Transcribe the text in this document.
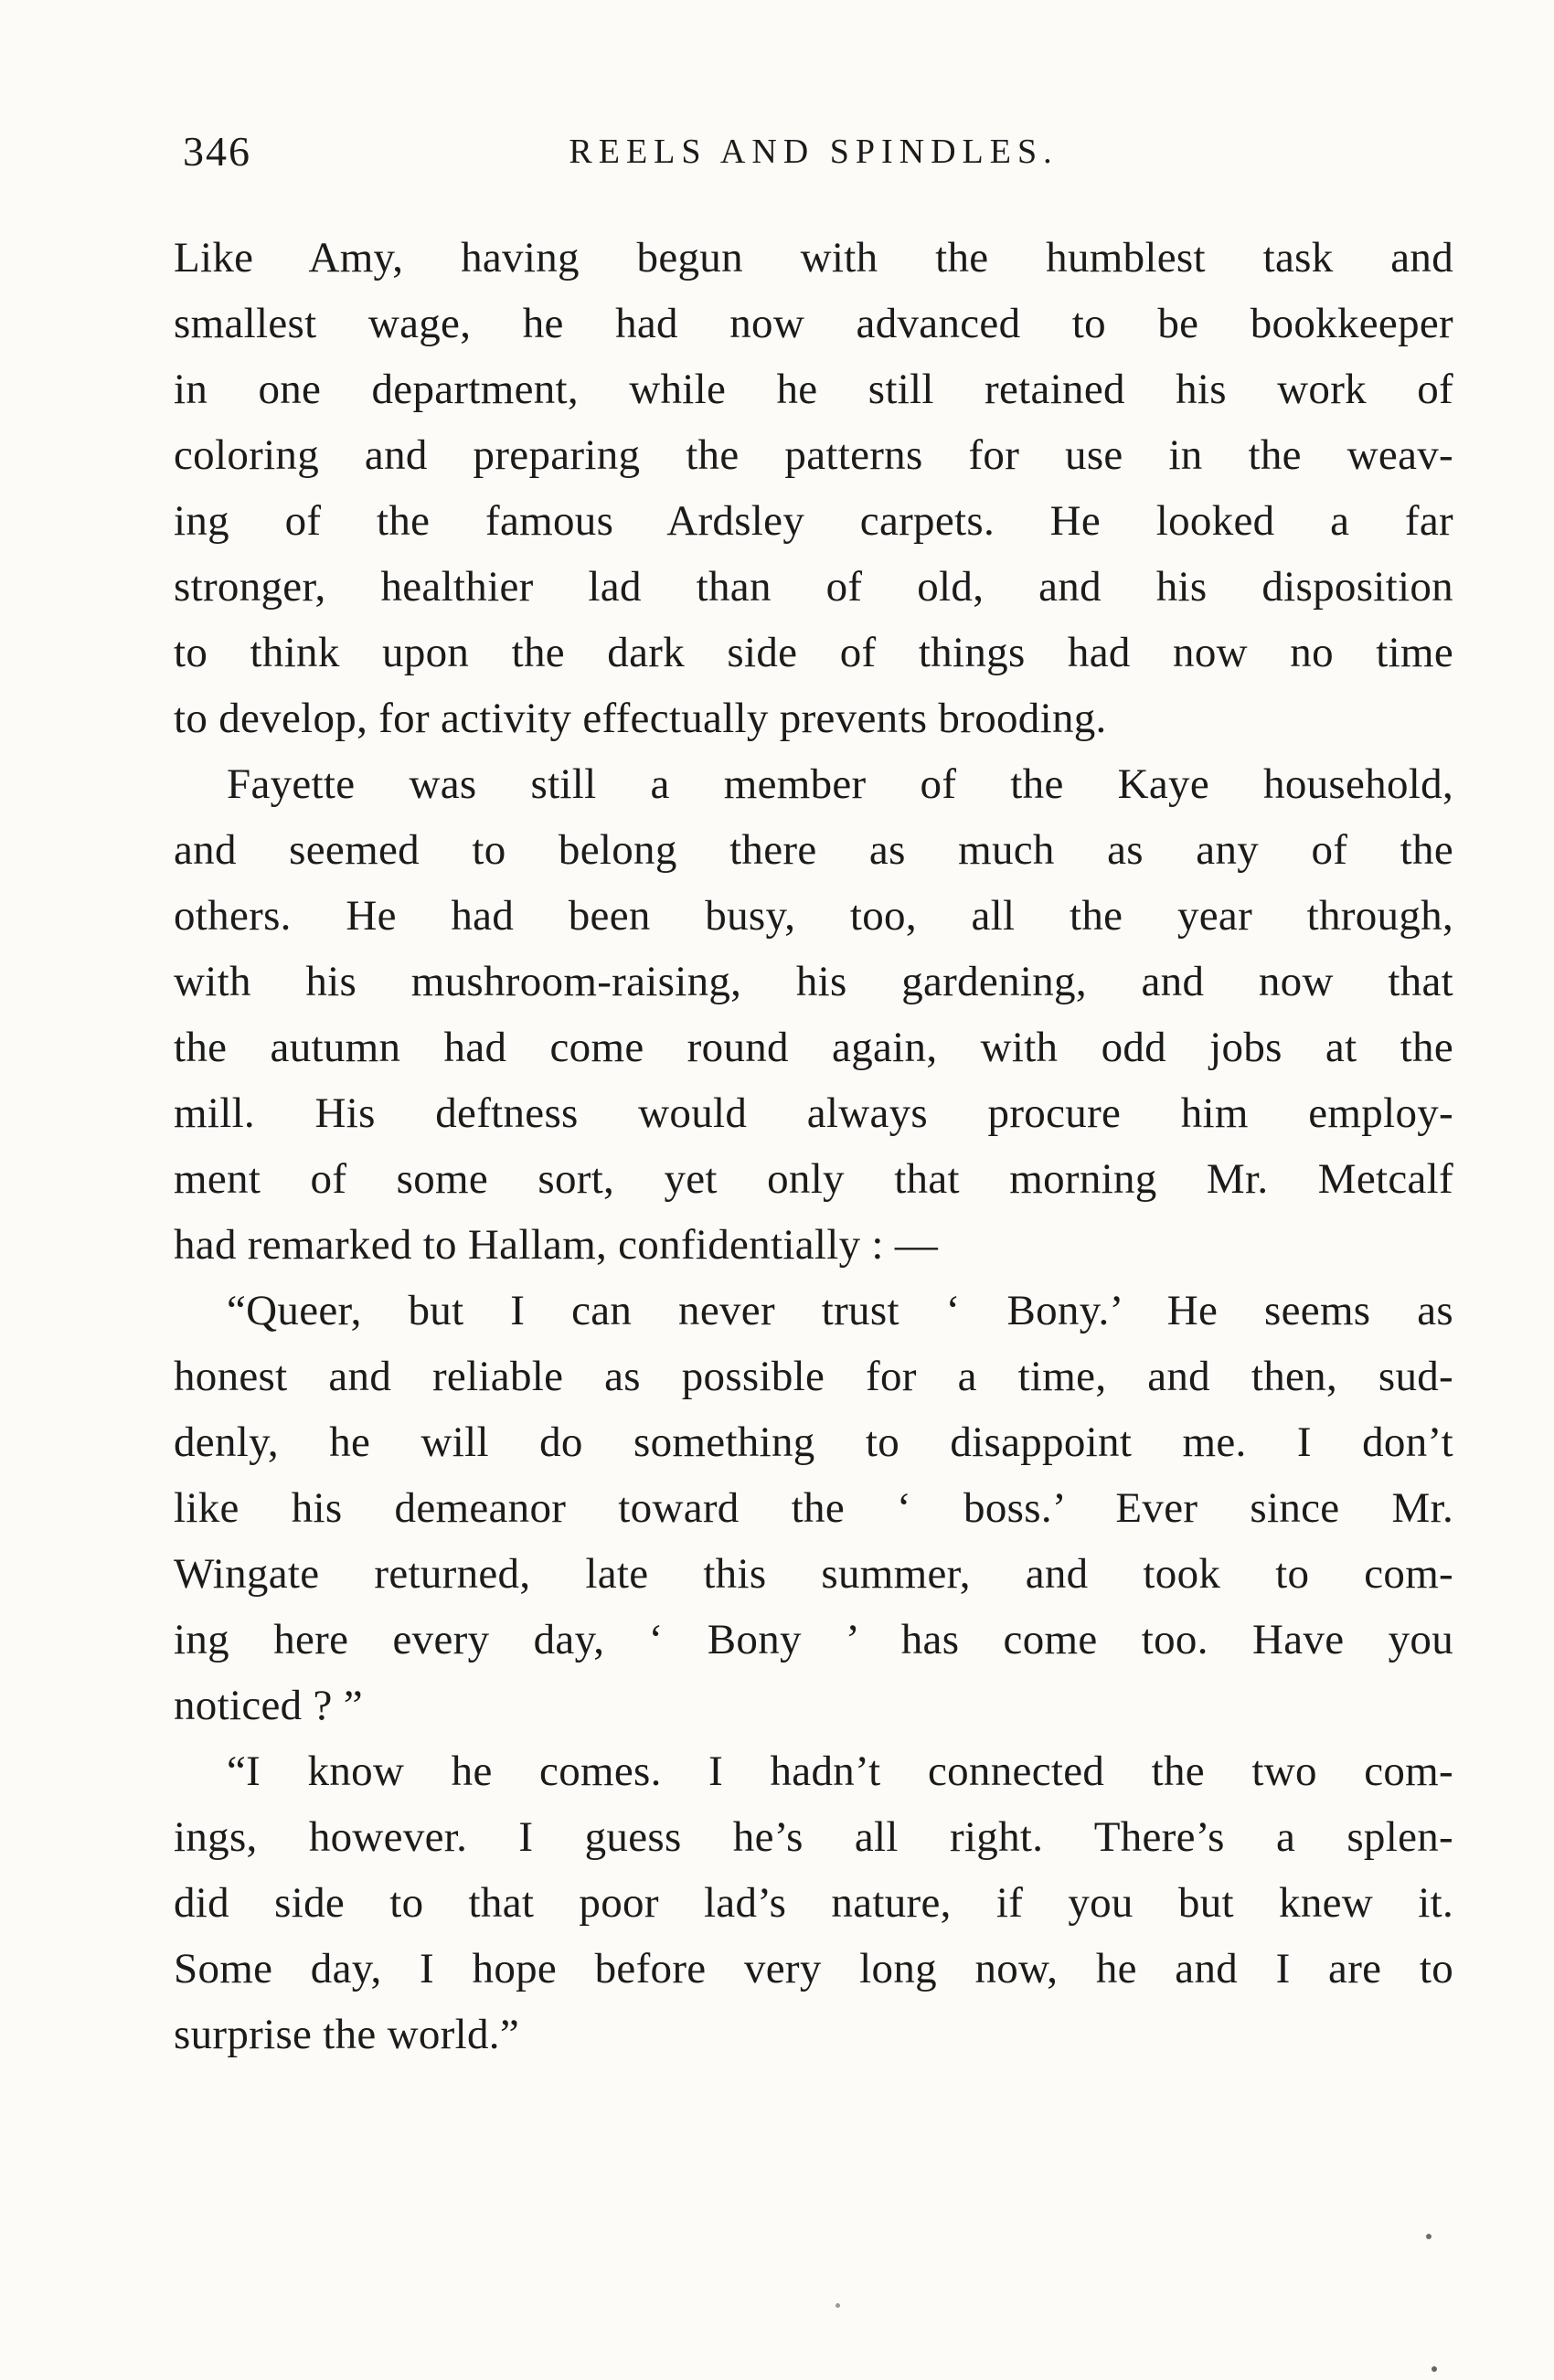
346	REELS AND SPINDLES.
Like Amy, having begun with the humblest task and
smallest wage, he had now advanced to be bookkeeper
in one department, while he still retained his work of
coloring and preparing the patterns for use in the weav-
ing of the famous Ardsley carpets. He looked a far
stronger, healthier lad than of old, and his disposition
to think upon the dark side of things had now no time
to develop, for activity effectually prevents brooding.
Fayette was still a member of the Kaye household,
and seemed to belong there as much as any of the
others. He had been busy, too, all the year through,
with his mushroom-raising, his gardening, and now that
the autumn had come round again, with odd jobs at the
mill. His deftness would always procure him employ-
ment of some sort, yet only that morning Mr. Metcalf
had remarked to Hallam, confidentially : —
“Queer, but I can never trust ‘ Bony.’ He seems as
honest and reliable as possible for a time, and then, sud-
denly, he will do something to disappoint me. I don’t
like his demeanor toward the ‘ boss.’ Ever since Mr.
Wingate returned, late this summer, and took to com-
ing here every day, ‘ Bony ’ has come too. Have you
noticed ? ”
“I know he comes. I hadn’t connected the two com-
ings, however. I guess he’s all right. There’s a splen-
did side to that poor lad’s nature, if you but knew it.
Some day, I hope before very long now, he and I are to
surprise the world.”
